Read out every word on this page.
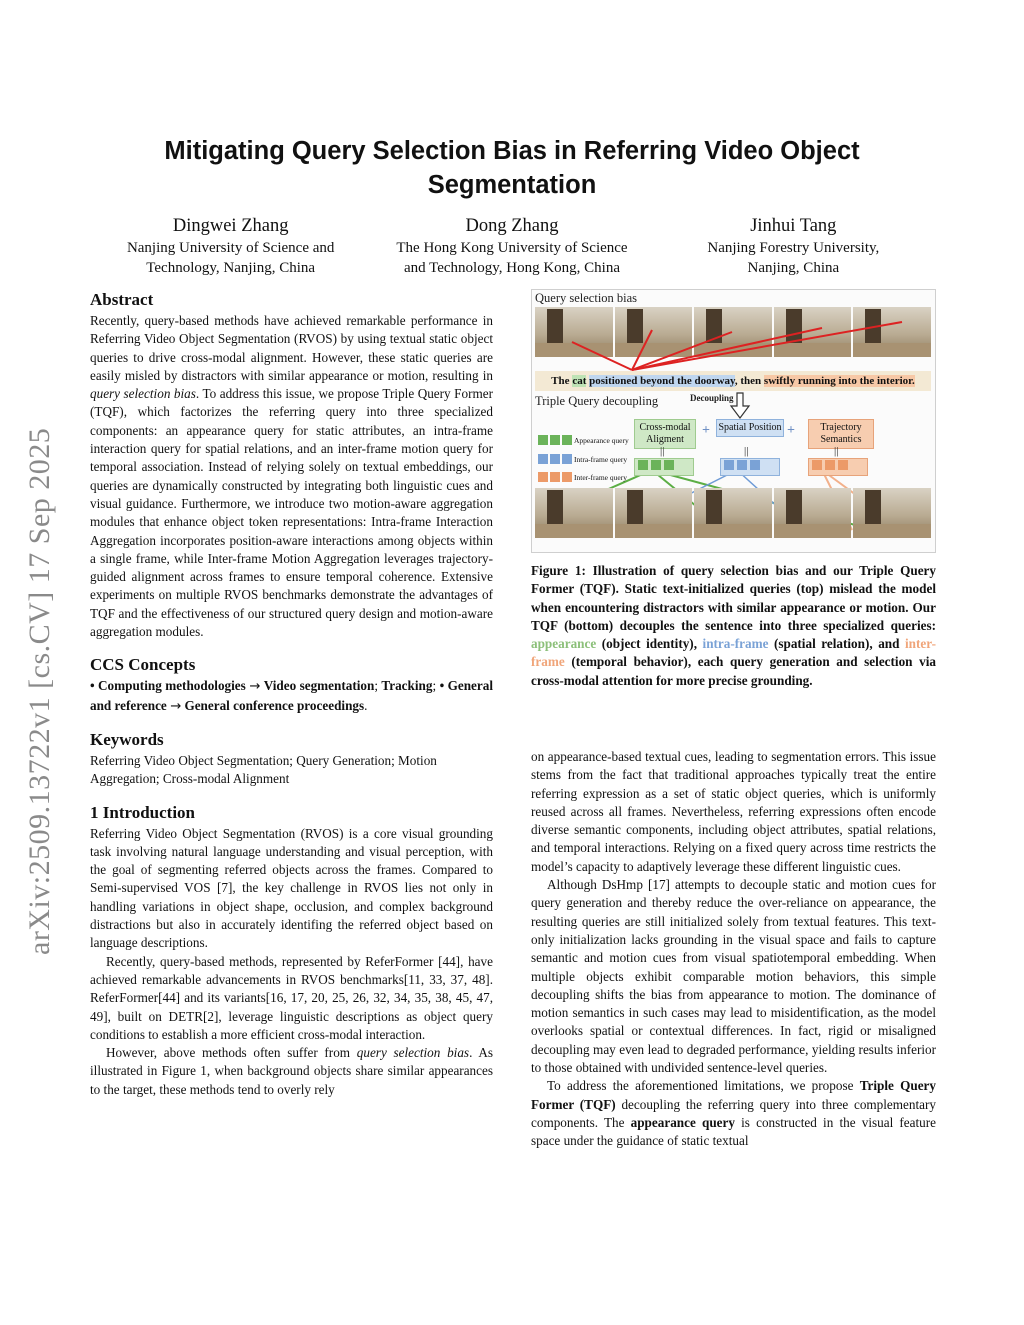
arXiv:2509.13722v1 [cs.CV] 17 Sep 2025
Mitigating Query Selection Bias in Referring Video Object Segmentation
Dingwei Zhang
Nanjing University of Science and
Technology, Nanjing, China
Dong Zhang
The Hong Kong University of Science
and Technology, Hong Kong, China
Jinhui Tang
Nanjing Forestry University,
Nanjing, China
Abstract

Recently, query-based methods have achieved remarkable performance in Referring Video Object Segmentation (RVOS) by using textual static object queries to drive cross-modal alignment. However, these static queries are easily misled by distractors with similar appearance or motion, resulting in query selection bias. To address this issue, we propose Triple Query Former (TQF), which factorizes the referring query into three specialized components: an appearance query for static attributes, an intra-frame interaction query for spatial relations, and an inter-frame motion query for temporal association. Instead of relying solely on textual embeddings, our queries are dynamically constructed by integrating both linguistic cues and visual guidance. Furthermore, we introduce two motion-aware aggregation modules that enhance object token representations: Intra-frame Interaction Aggregation incorporates position-aware interactions among objects within a single frame, while Inter-frame Motion Aggregation leverages trajectory-guided alignment across frames to ensure temporal coherence. Extensive experiments on multiple RVOS benchmarks demonstrate the advantages of TQF and the effectiveness of our structured query design and motion-aware aggregation modules.

CCS Concepts

• Computing methodologies → Video segmentation; Tracking; • General and reference → General conference proceedings.

Keywords

Referring Video Object Segmentation; Query Generation; Motion Aggregation; Cross-modal Alignment

1 Introduction

Referring Video Object Segmentation (RVOS) is a core visual grounding task involving natural language understanding and visual perception, with the goal of segmenting referred objects across the frames. Compared to Semi-supervised VOS [7], the key challenge in RVOS lies not only in handling variations in object shape, occlusion, and complex background distractions but also in accurately identifing the referred object based on language descriptions.

Recently, query-based methods, represented by ReferFormer [44], have achieved remarkable advancements in RVOS benchmarks[11, 33, 37, 48]. ReferFormer[44] and its variants[16, 17, 20, 25, 26, 32, 34, 35, 38, 45, 47, 49], built on DETR[2], leverage linguistic descriptions as object query conditions to establish a more efficient cross-modal interaction.

However, above methods often suffer from query selection bias. As illustrated in Figure 1, when background objects share similar appearances to the target, these methods tend to overly rely

Query selection bias
The cat positioned beyond the doorway, then swiftly running into the interior.
Triple Query decoupling	Decoupling
Cross-modal Aligment
+ Spatial Position +	Trajectory Semantics
||	||	||
Appearance query
Intra-frame query
Inter-frame query
Figure 1: Illustration of query selection bias and our Triple Query Former (TQF). Static text-initialized queries (top) mislead the model when encountering distractors with similar appearance or motion. Our TQF (bottom) decouples the sentence into three specialized queries: appearance (object identity), intra-frame (spatial relation), and inter-frame (temporal behavior), each query generation and selection via cross-modal attention for more precise grounding.

on appearance-based textual cues, leading to segmentation errors. This issue stems from the fact that traditional approaches typically treat the entire referring expression as a set of static object queries, which is uniformly reused across all frames. Nevertheless, referring expressions often encode diverse semantic components, including object attributes, spatial relations, and temporal interactions. Relying on a fixed query across time restricts the model’s capacity to adaptively leverage these different linguistic cues.

Although DsHmp [17] attempts to decouple static and motion cues for query generation and thereby reduce the over-reliance on appearance, the resulting queries are still initialized solely from textual features. This text-only initialization lacks grounding in the visual space and fails to capture semantic and motion cues from visual spatiotemporal embedding. When multiple objects exhibit comparable motion behaviors, this simple decoupling shifts the bias from appearance to motion. The dominance of motion semantics in such cases may lead to misidentification, as the model overlooks spatial or contextual differences. In fact, rigid or misaligned decoupling may even lead to degraded performance, yielding results inferior to those obtained with undivided sentence-level queries.

To address the aforementioned limitations, we propose Triple Query Former (TQF) decoupling the referring query into three complementary components. The appearance query is constructed in the visual feature space under the guidance of static textual
